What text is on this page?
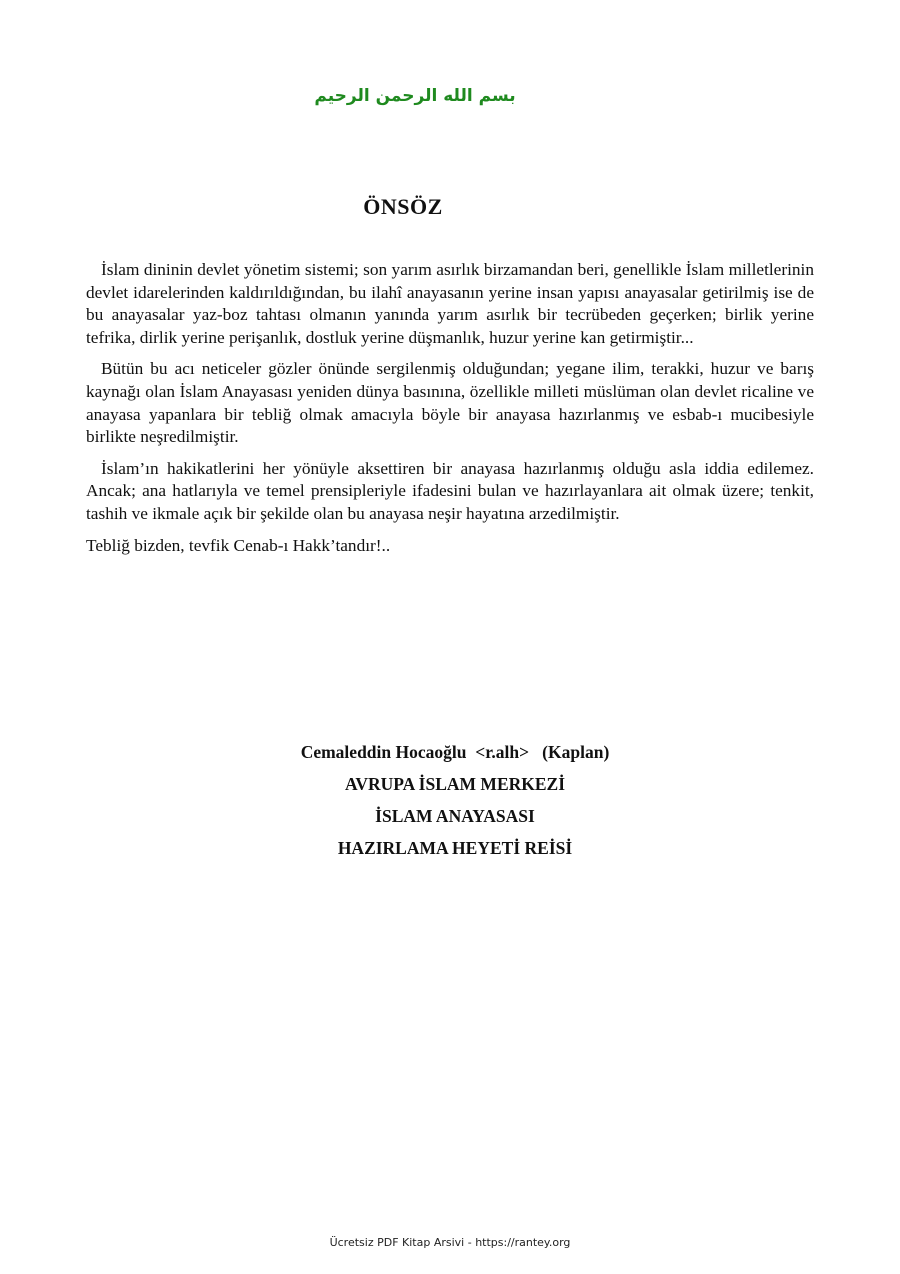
بسم الله الرحمن الرحيم
ÖNSÖZ

İslam dininin devlet yönetim sistemi; son yarım asırlık birzamandan beri, genellikle İslam milletlerinin devlet idarelerinden kaldırıldığından, bu ilahî anayasanın yerine insan yapısı anayasalar getirilmiş ise de bu anayasalar yaz-boz tahtası olmanın yanında yarım asırlık bir tecrübeden geçerken; birlik yerine tefrika, dirlik yerine perişanlık, dostluk yerine düşmanlık, huzur yerine kan getirmiştir...

Bütün bu acı neticeler gözler önünde sergilenmiş olduğundan; yegane ilim, terakki, huzur ve barış kaynağı olan İslam Anayasası yeniden dünya basınına, özellikle milleti müslüman olan devlet ricaline ve anayasa yapanlara bir tebliğ olmak amacıyla böyle bir anayasa hazırlanmış ve esbab-ı mucibesiyle birlikte neşredilmiştir.

İslam’ın hakikatlerini her yönüyle aksettiren bir anayasa hazırlanmış olduğu asla iddia edilemez. Ancak; ana hatlarıyla ve temel prensipleriyle ifadesini bulan ve hazırlayanlara ait olmak üzere; tenkit, tashih ve ikmale açık bir şekilde olan bu anayasa neşir hayatına arzedilmiştir.

Tebliğ bizden, tevfik Cenab-ı Hakk’tandır!..

Cemaleddin Hocaoğlu  <r.alh>   (Kaplan)
AVRUPA İSLAM MERKEZİ
İSLAM ANAYASASI
HAZIRLAMA HEYETİ REİSİ
Ücretsiz PDF Kitap Arsivi - https://rantey.org
